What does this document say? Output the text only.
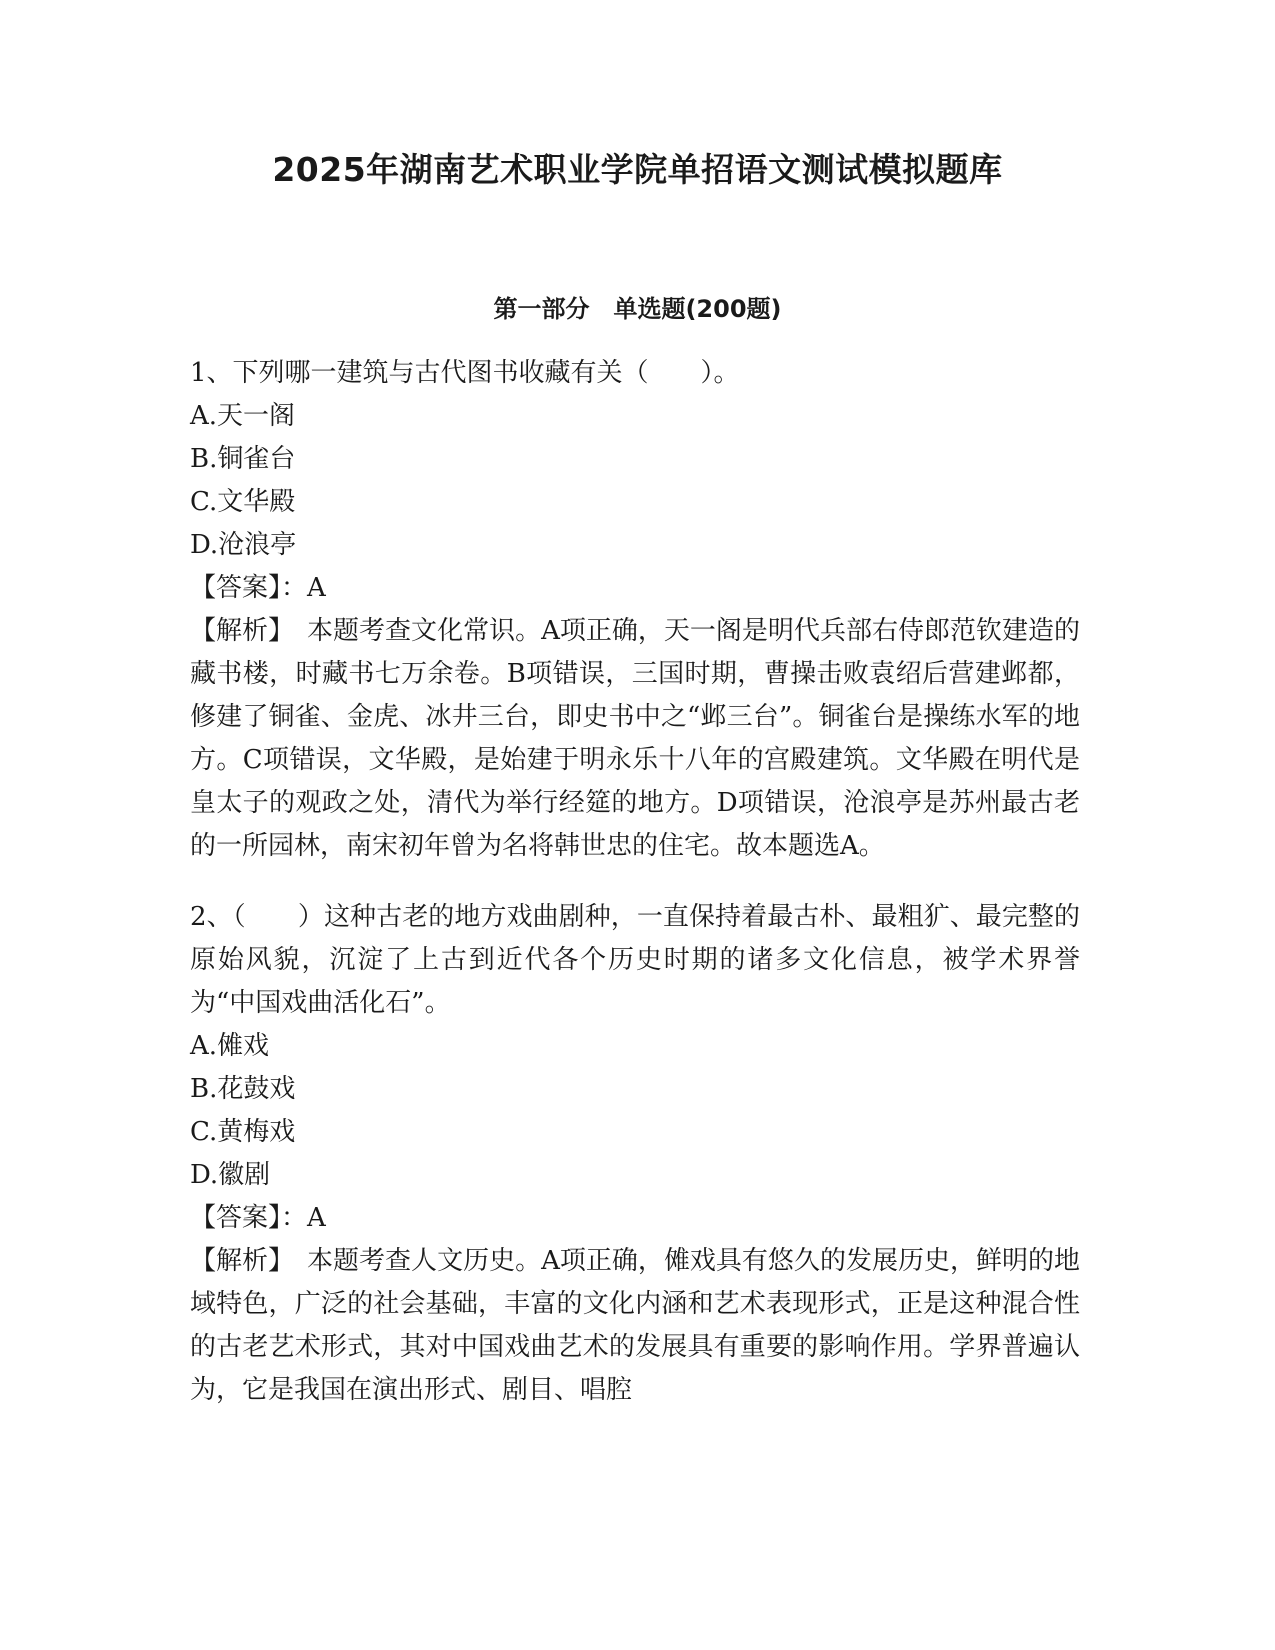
2025年湖南艺术职业学院单招语文测试模拟题库
第一部分　单选题(200题)
1、下列哪一建筑与古代图书收藏有关（　　）。
A.天一阁
B.铜雀台
C.文华殿
D.沧浪亭
【答案】：A
【解析】　本题考查文化常识。A项正确，天一阁是明代兵部右侍郎范钦建造的藏书楼，时藏书七万余卷。B项错误，三国时期，曹操击败袁绍后营建邺都，修建了铜雀、金虎、冰井三台，即史书中之“邺三台”。铜雀台是操练水军的地方。C项错误，文华殿，是始建于明永乐十八年的宫殿建筑。文华殿在明代是皇太子的观政之处，清代为举行经筵的地方。D项错误，沧浪亭是苏州最古老的一所园林，南宋初年曾为名将韩世忠的住宅。故本题选A。
2、（　　）这种古老的地方戏曲剧种，一直保持着最古朴、最粗犷、最完整的原始风貌，沉淀了上古到近代各个历史时期的诸多文化信息，被学术界誉为“中国戏曲活化石”。
A.傩戏
B.花鼓戏
C.黄梅戏
D.徽剧
【答案】：A
【解析】　本题考查人文历史。A项正确，傩戏具有悠久的发展历史，鲜明的地域特色，广泛的社会基础，丰富的文化内涵和艺术表现形式，正是这种混合性的古老艺术形式，其对中国戏曲艺术的发展具有重要的影响作用。学界普遍认为，它是我国在演出形式、剧目、唱腔
